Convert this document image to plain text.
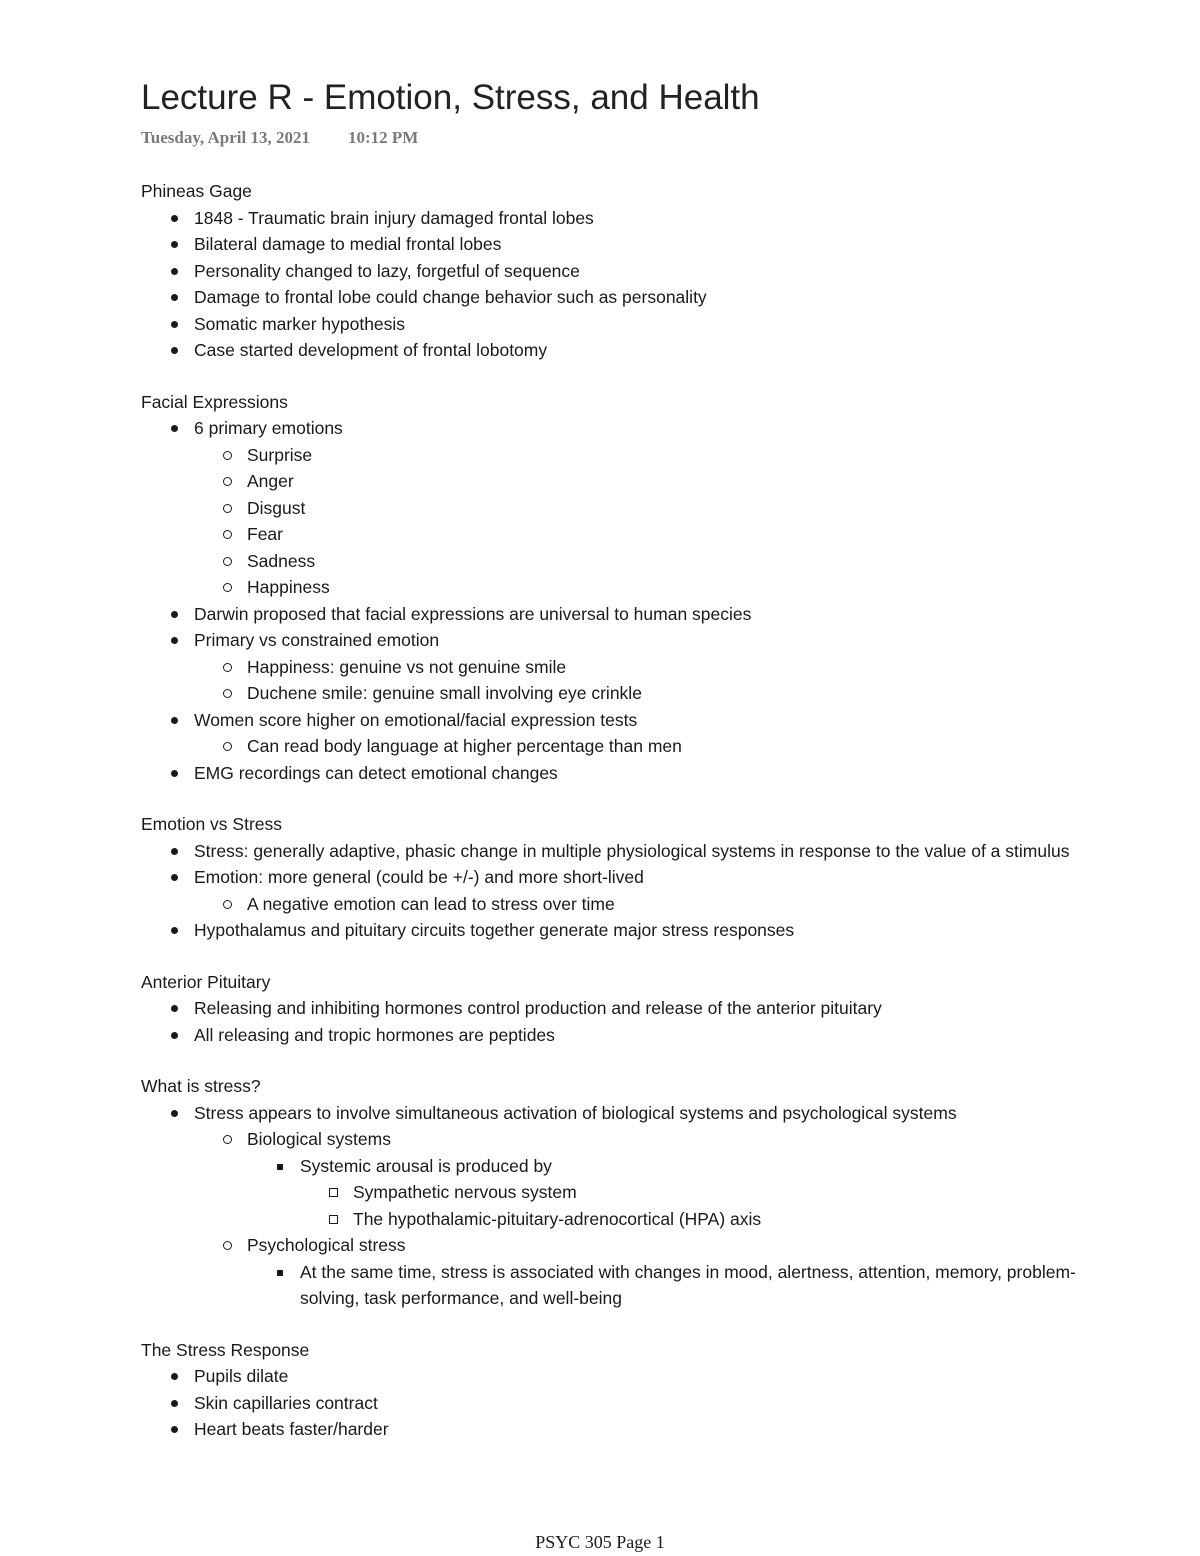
Lecture R - Emotion, Stress, and Health
Tuesday, April 13, 2021 10:12 PM
Phineas Gage
1848 - Traumatic brain injury damaged frontal lobes
Bilateral damage to medial frontal lobes
Personality changed to lazy, forgetful of sequence
Damage to frontal lobe could change behavior such as personality
Somatic marker hypothesis
Case started development of frontal lobotomy
Facial Expressions
6 primary emotions
Surprise
Anger
Disgust
Fear
Sadness
Happiness
Darwin proposed that facial expressions are universal to human species
Primary vs constrained emotion
Happiness: genuine vs not genuine smile
Duchene smile: genuine small involving eye crinkle
Women score higher on emotional/facial expression tests
Can read body language at higher percentage than men
EMG recordings can detect emotional changes
Emotion vs Stress
Stress: generally adaptive, phasic change in multiple physiological systems in response to the value of a stimulus
Emotion: more general (could be +/-) and more short-lived
A negative emotion can lead to stress over time
Hypothalamus and pituitary circuits together generate major stress responses
Anterior Pituitary
Releasing and inhibiting hormones control production and release of the anterior pituitary
All releasing and tropic hormones are peptides
What is stress?
Stress appears to involve simultaneous activation of biological systems and psychological systems
Biological systems
Systemic arousal is produced by
Sympathetic nervous system
The hypothalamic-pituitary-adrenocortical (HPA) axis
Psychological stress
At the same time, stress is associated with changes in mood, alertness, attention, memory, problem-solving, task performance, and well-being
The Stress Response
Pupils dilate
Skin capillaries contract
Heart beats faster/harder
PSYC 305 Page 1
